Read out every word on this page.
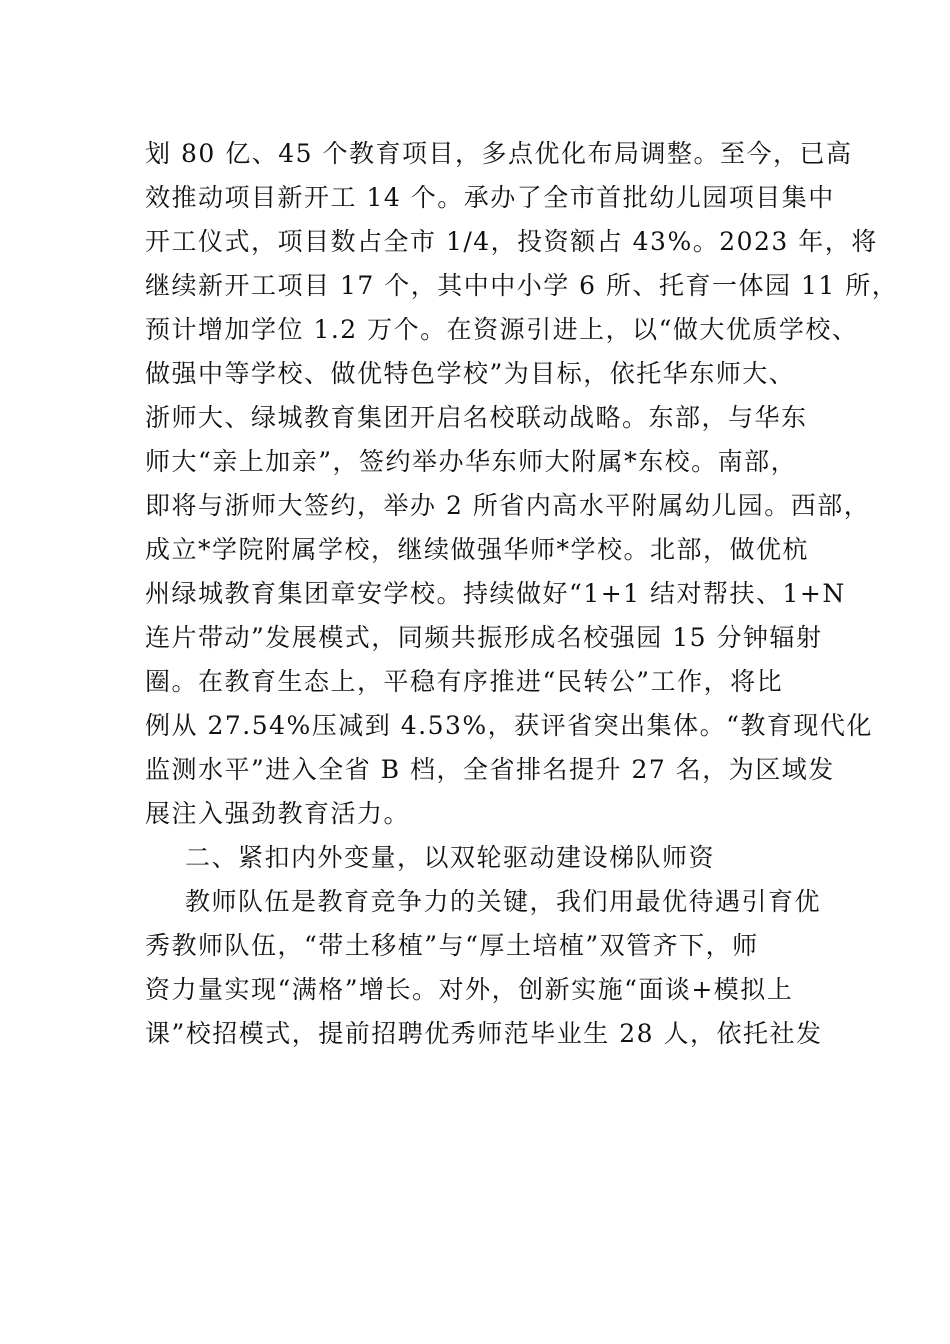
划 80 亿、45 个教育项目，多点优化布局调整。至今，已高
效推动项目新开工 14 个。承办了全市首批幼儿园项目集中
开工仪式，项目数占全市 1/4，投资额占 43%。2023 年，将
继续新开工项目 17 个，其中中小学 6 所、托育一体园 11 所，
预计增加学位 1.2 万个。在资源引进上，以“做大优质学校、
做强中等学校、做优特色学校”为目标，依托华东师大、
浙师大、绿城教育集团开启名校联动战略。东部，与华东
师大“亲上加亲”，签约举办华东师大附属*东校。南部，
即将与浙师大签约，举办 2 所省内高水平附属幼儿园。西部，
成立*学院附属学校，继续做强华师*学校。北部，做优杭
州绿城教育集团章安学校。持续做好“1+1 结对帮扶、1+N
连片带动”发展模式，同频共振形成名校强园 15 分钟辐射
圈。在教育生态上，平稳有序推进“民转公”工作，将比
例从 27.54%压减到 4.53%，获评省突出集体。“教育现代化
监测水平”进入全省 B 档，全省排名提升 27 名，为区域发
展注入强劲教育活力。
二、紧扣内外变量，以双轮驱动建设梯队师资
教师队伍是教育竞争力的关键，我们用最优待遇引育优
秀教师队伍，“带土移植”与“厚土培植”双管齐下，师
资力量实现“满格”增长。对外，创新实施“面谈+模拟上
课”校招模式，提前招聘优秀师范毕业生 28 人，依托社发
